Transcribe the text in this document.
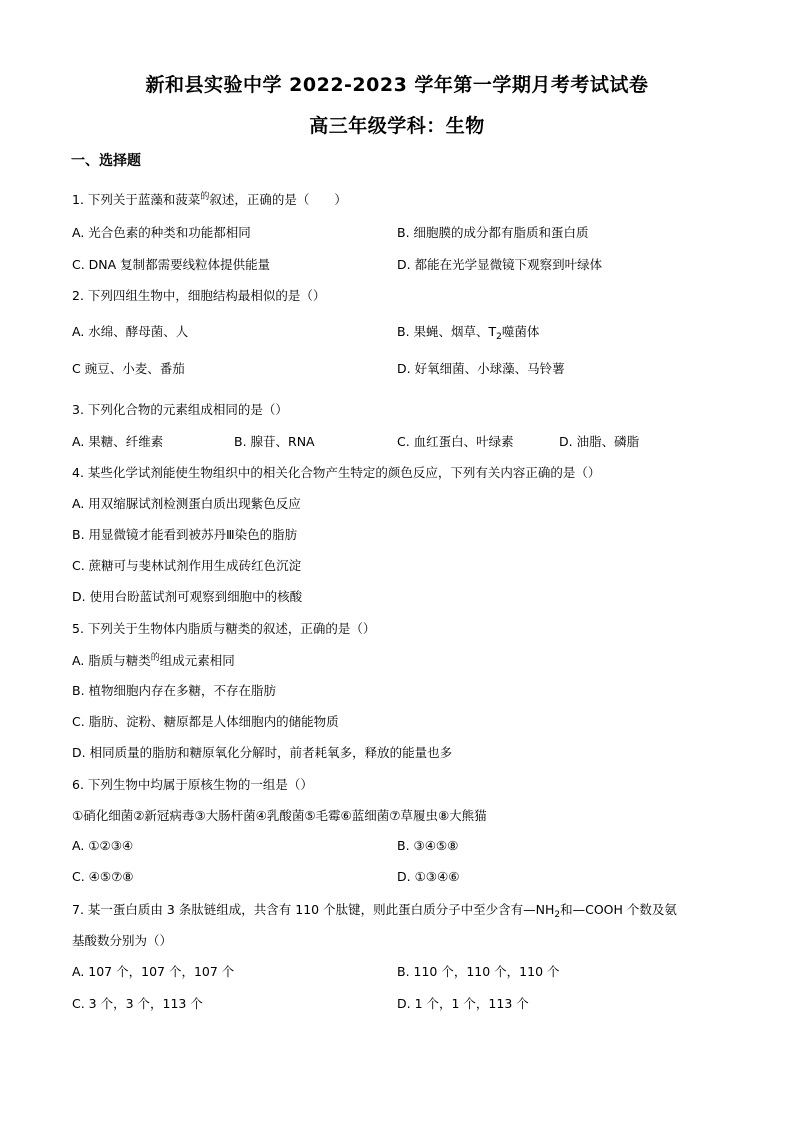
新和县实验中学 2022-2023 学年第一学期月考考试试卷
高三年级学科：生物
一、选择题
1. 下列关于蓝藻和菠菜$^的$叙述，正确的是（　　）
A. 光合色素的种类和功能都相同	B. 细胞膜的成分都有脂质和蛋白质
C. DNA 复制都需要线粒体提供能量	D. 都能在光学显微镜下观察到叶绿体
2. 下列四组生物中，细胞结构最相似的是（）
A. 水绵、酵母菌、人	B. 果蝇、烟草、$T_2$噬菌体
C 豌豆、小麦、番茄	D. 好氧细菌、小球藻、马铃薯
3. 下列化合物的元素组成相同的是（）
A. 果糖、纤维素	B. 腺苷、RNA	C. 血红蛋白、叶绿素	D. 油脂、磷脂
4. 某些化学试剂能使生物组织中的相关化合物产生特定的颜色反应，下列有关内容正确的是（）
A. 用双缩脲试剂检测蛋白质出现紫色反应
B. 用显微镜才能看到被苏丹Ⅲ染色的脂肪
C. 蔗糖可与斐林试剂作用生成砖红色沉淀
D. 使用台盼蓝试剂可观察到细胞中的核酸
5. 下列关于生物体内脂质与糖类的叙述，正确的是（）
A. 脂质与糖类$^的$组成元素相同
B. 植物细胞内存在多糖，不存在脂肪
C. 脂肪、淀粉、糖原都是人体细胞内的储能物质
D. 相同质量的脂肪和糖原氧化分解时，前者耗氧多，释放的能量也多
6. 下列生物中均属于原核生物的一组是（）
①硝化细菌②新冠病毒③大肠杆菌④乳酸菌⑤毛霉⑥蓝细菌⑦草履虫⑧大熊猫
A. ①②③④	B. ③④⑤⑧
C. ④⑤⑦⑧	D. ①③④⑥
7. 某一蛋白质由 3 条肽链组成，共含有 110 个肽键，则此蛋白质分子中至少含有$—NH_2$和—COOH 个数及氨
基酸数分别为（）
A. 107 个，107 个，107 个	B. 110 个，110 个，110 个
C. 3 个，3 个，113 个	D. 1 个，1 个，113 个
